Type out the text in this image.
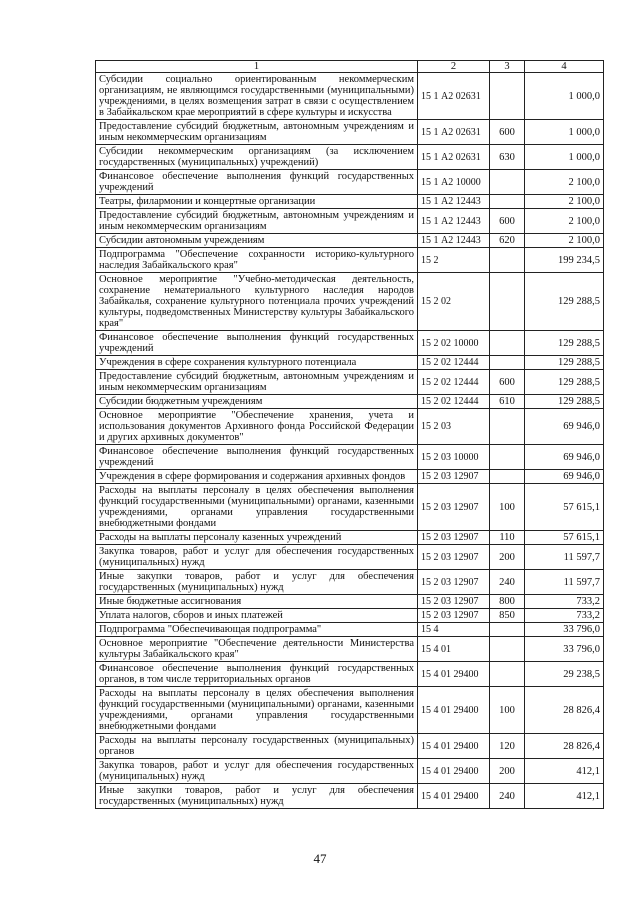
1	2	3	4
Субсидии социально ориентированным некоммерческим организациям, не являющимся государственными (муниципальными) учреждениями, в целях возмещения затрат в связи с осуществлением в Забайкальском крае мероприятий в сфере культуры и искусства	15 1 А2 02631		1 000,0
Предоставление субсидий бюджетным, автономным учреждениям и иным некоммерческим организациям	15 1 А2 02631	600	1 000,0
Субсидии некоммерческим организациям (за исключением государственных (муниципальных) учреждений)	15 1 А2 02631	630	1 000,0
Финансовое обеспечение выполнения функций государственных учреждений	15 1 А2 10000		2 100,0
Театры, филармонии и концертные организации	15 1 А2 12443		2 100,0
Предоставление субсидий бюджетным, автономным учреждениям и иным некоммерческим организациям	15 1 А2 12443	600	2 100,0
Субсидии автономным учреждениям	15 1 А2 12443	620	2 100,0
Подпрограмма "Обеспечение сохранности историко-культурного наследия Забайкальского края"	15 2		199 234,5
Основное мероприятие "Учебно-методическая деятельность, сохранение нематериального культурного наследия народов Забайкалья, сохранение культурного потенциала прочих учреждений культуры, подведомственных Министерству культуры Забайкальского края"	15 2 02		129 288,5
Финансовое обеспечение выполнения функций государственных учреждений	15 2 02 10000		129 288,5
Учреждения в сфере сохранения культурного потенциала	15 2 02 12444		129 288,5
Предоставление субсидий бюджетным, автономным учреждениям и иным некоммерческим организациям	15 2 02 12444	600	129 288,5
Субсидии бюджетным учреждениям	15 2 02 12444	610	129 288,5
Основное мероприятие "Обеспечение хранения, учета и использования документов Архивного фонда Российской Федерации и других архивных документов"	15 2 03		69 946,0
Финансовое обеспечение выполнения функций государственных учреждений	15 2 03 10000		69 946,0
Учреждения в сфере формирования и содержания архивных фондов	15 2 03 12907		69 946,0
Расходы на выплаты персоналу в целях обеспечения выполнения функций государственными (муниципальными) органами, казенными учреждениями, органами управления государственными внебюджетными фондами	15 2 03 12907	100	57 615,1
Расходы на выплаты персоналу казенных учреждений	15 2 03 12907	110	57 615,1
Закупка товаров, работ и услуг для обеспечения государственных (муниципальных) нужд	15 2 03 12907	200	11 597,7
Иные закупки товаров, работ и услуг для обеспечения государственных (муниципальных) нужд	15 2 03 12907	240	11 597,7
Иные бюджетные ассигнования	15 2 03 12907	800	733,2
Уплата налогов, сборов и иных платежей	15 2 03 12907	850	733,2
Подпрограмма "Обеспечивающая подпрограмма"	15 4		33 796,0
Основное мероприятие "Обеспечение деятельности Министерства культуры Забайкальского края"	15 4 01		33 796,0
Финансовое обеспечение выполнения функций государственных органов, в том числе территориальных органов	15 4 01 29400		29 238,5
Расходы на выплаты персоналу в целях обеспечения выполнения функций государственными (муниципальными) органами, казенными учреждениями, органами управления государственными внебюджетными фондами	15 4 01 29400	100	28 826,4
Расходы на выплаты персоналу государственных (муниципальных) органов	15 4 01 29400	120	28 826,4
Закупка товаров, работ и услуг для обеспечения государственных (муниципальных) нужд	15 4 01 29400	200	412,1
Иные закупки товаров, работ и услуг для обеспечения государственных (муниципальных) нужд	15 4 01 29400	240	412,1
47
